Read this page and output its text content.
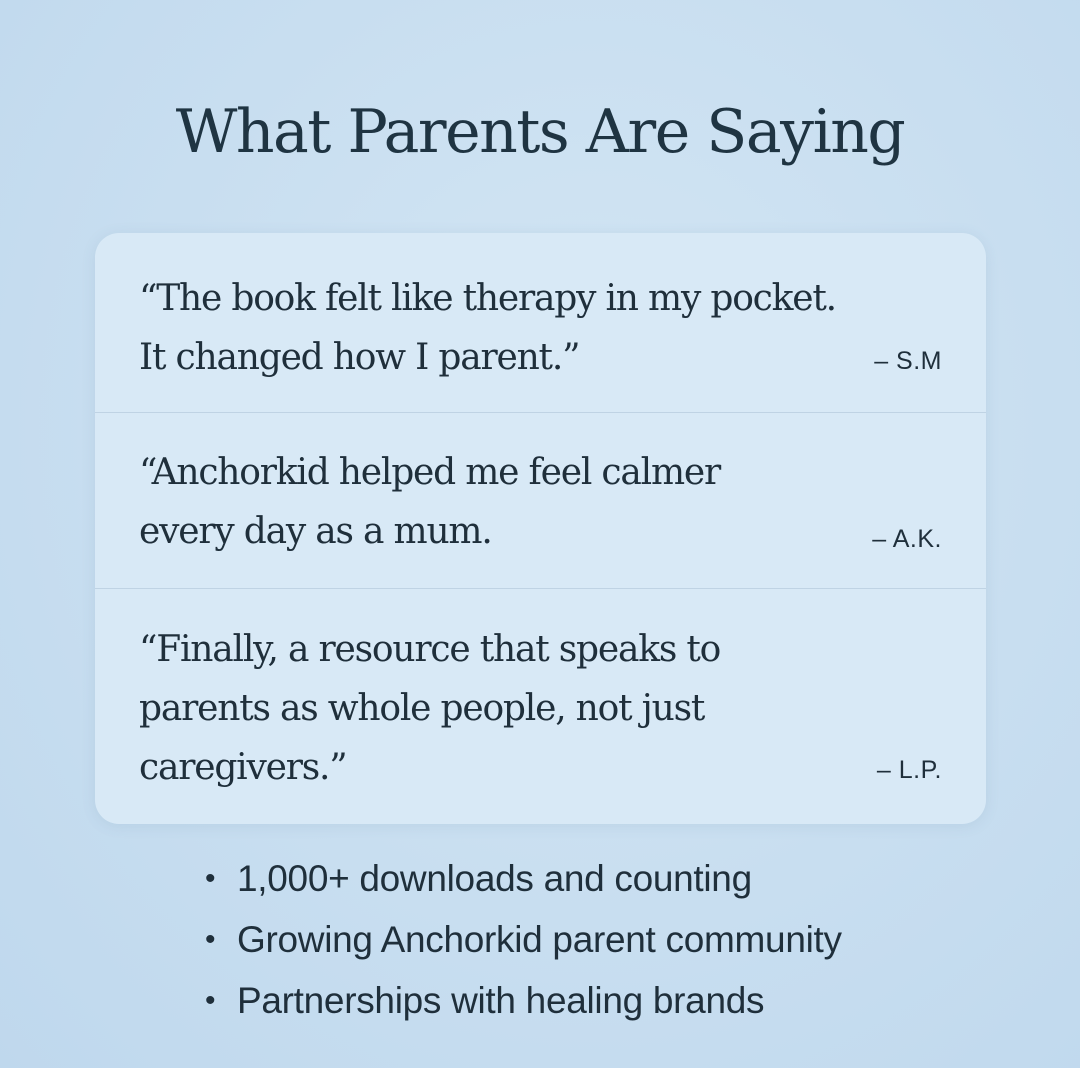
What Parents Are Saying

“The book felt like therapy in my pocket.
It changed how I parent.”	– S.M

“Anchorkid helped me feel calmer
every day as a mum.	– A.K.

“Finally, a resource that speaks to
parents as whole people, not just
caregivers.”	– L.P.
• 1,000+ downloads and counting
• Growing Anchorkid parent community
• Partnerships with healing brands
